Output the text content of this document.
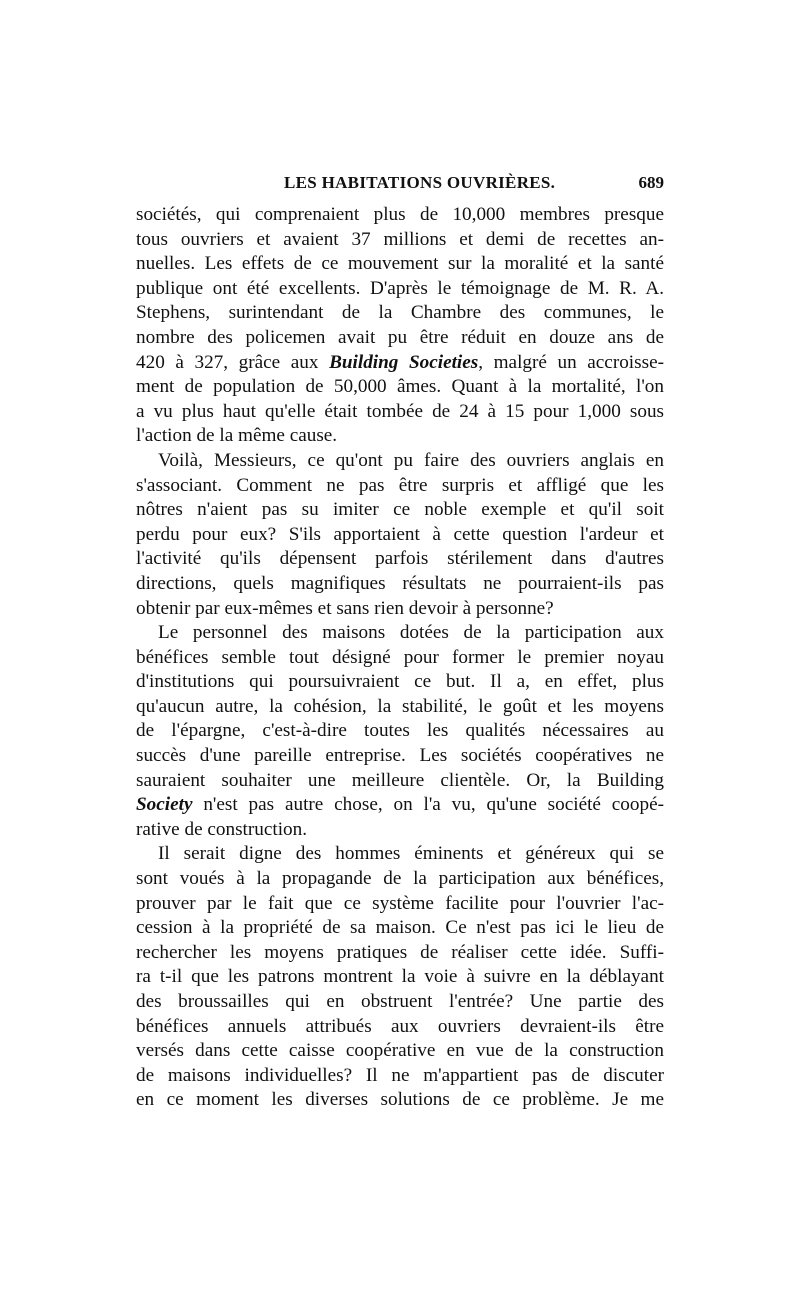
LES HABITATIONS OUVRIÈRES.	689

sociétés, qui comprenaient plus de 10,000 membres presque
tous ouvriers et avaient 37 millions et demi de recettes an-
nuelles. Les effets de ce mouvement sur la moralité et la santé
publique ont été excellents. D'après le témoignage de M. R. A.
Stephens, surintendant de la Chambre des communes, le
nombre des policemen avait pu être réduit en douze ans de
420 à 327, grâce aux Building Societies, malgré un accroisse-
ment de population de 50,000 âmes. Quant à la mortalité, l'on
a vu plus haut qu'elle était tombée de 24 à 15 pour 1,000 sous
l'action de la même cause.

Voilà, Messieurs, ce qu'ont pu faire des ouvriers anglais en
s'associant. Comment ne pas être surpris et affligé que les
nôtres n'aient pas su imiter ce noble exemple et qu'il soit
perdu pour eux? S'ils apportaient à cette question l'ardeur et
l'activité qu'ils dépensent parfois stérilement dans d'autres
directions, quels magnifiques résultats ne pourraient-ils pas
obtenir par eux-mêmes et sans rien devoir à personne?

Le personnel des maisons dotées de la participation aux
bénéfices semble tout désigné pour former le premier noyau
d'institutions qui poursuivraient ce but. Il a, en effet, plus
qu'aucun autre, la cohésion, la stabilité, le goût et les moyens
de l'épargne, c'est-à-dire toutes les qualités nécessaires au
succès d'une pareille entreprise. Les sociétés coopératives ne
sauraient souhaiter une meilleure clientèle. Or, la Building
Society n'est pas autre chose, on l'a vu, qu'une société coopé-
rative de construction.

Il serait digne des hommes éminents et généreux qui se
sont voués à la propagande de la participation aux bénéfices,
prouver par le fait que ce système facilite pour l'ouvrier l'ac-
cession à la propriété de sa maison. Ce n'est pas ici le lieu de
rechercher les moyens pratiques de réaliser cette idée. Suffi-
ra t-il que les patrons montrent la voie à suivre en la déblayant
des broussailles qui en obstruent l'entrée? Une partie des
bénéfices annuels attribués aux ouvriers devraient-ils être
versés dans cette caisse coopérative en vue de la construction
de maisons individuelles? Il ne m'appartient pas de discuter
en ce moment les diverses solutions de ce problème. Je me
